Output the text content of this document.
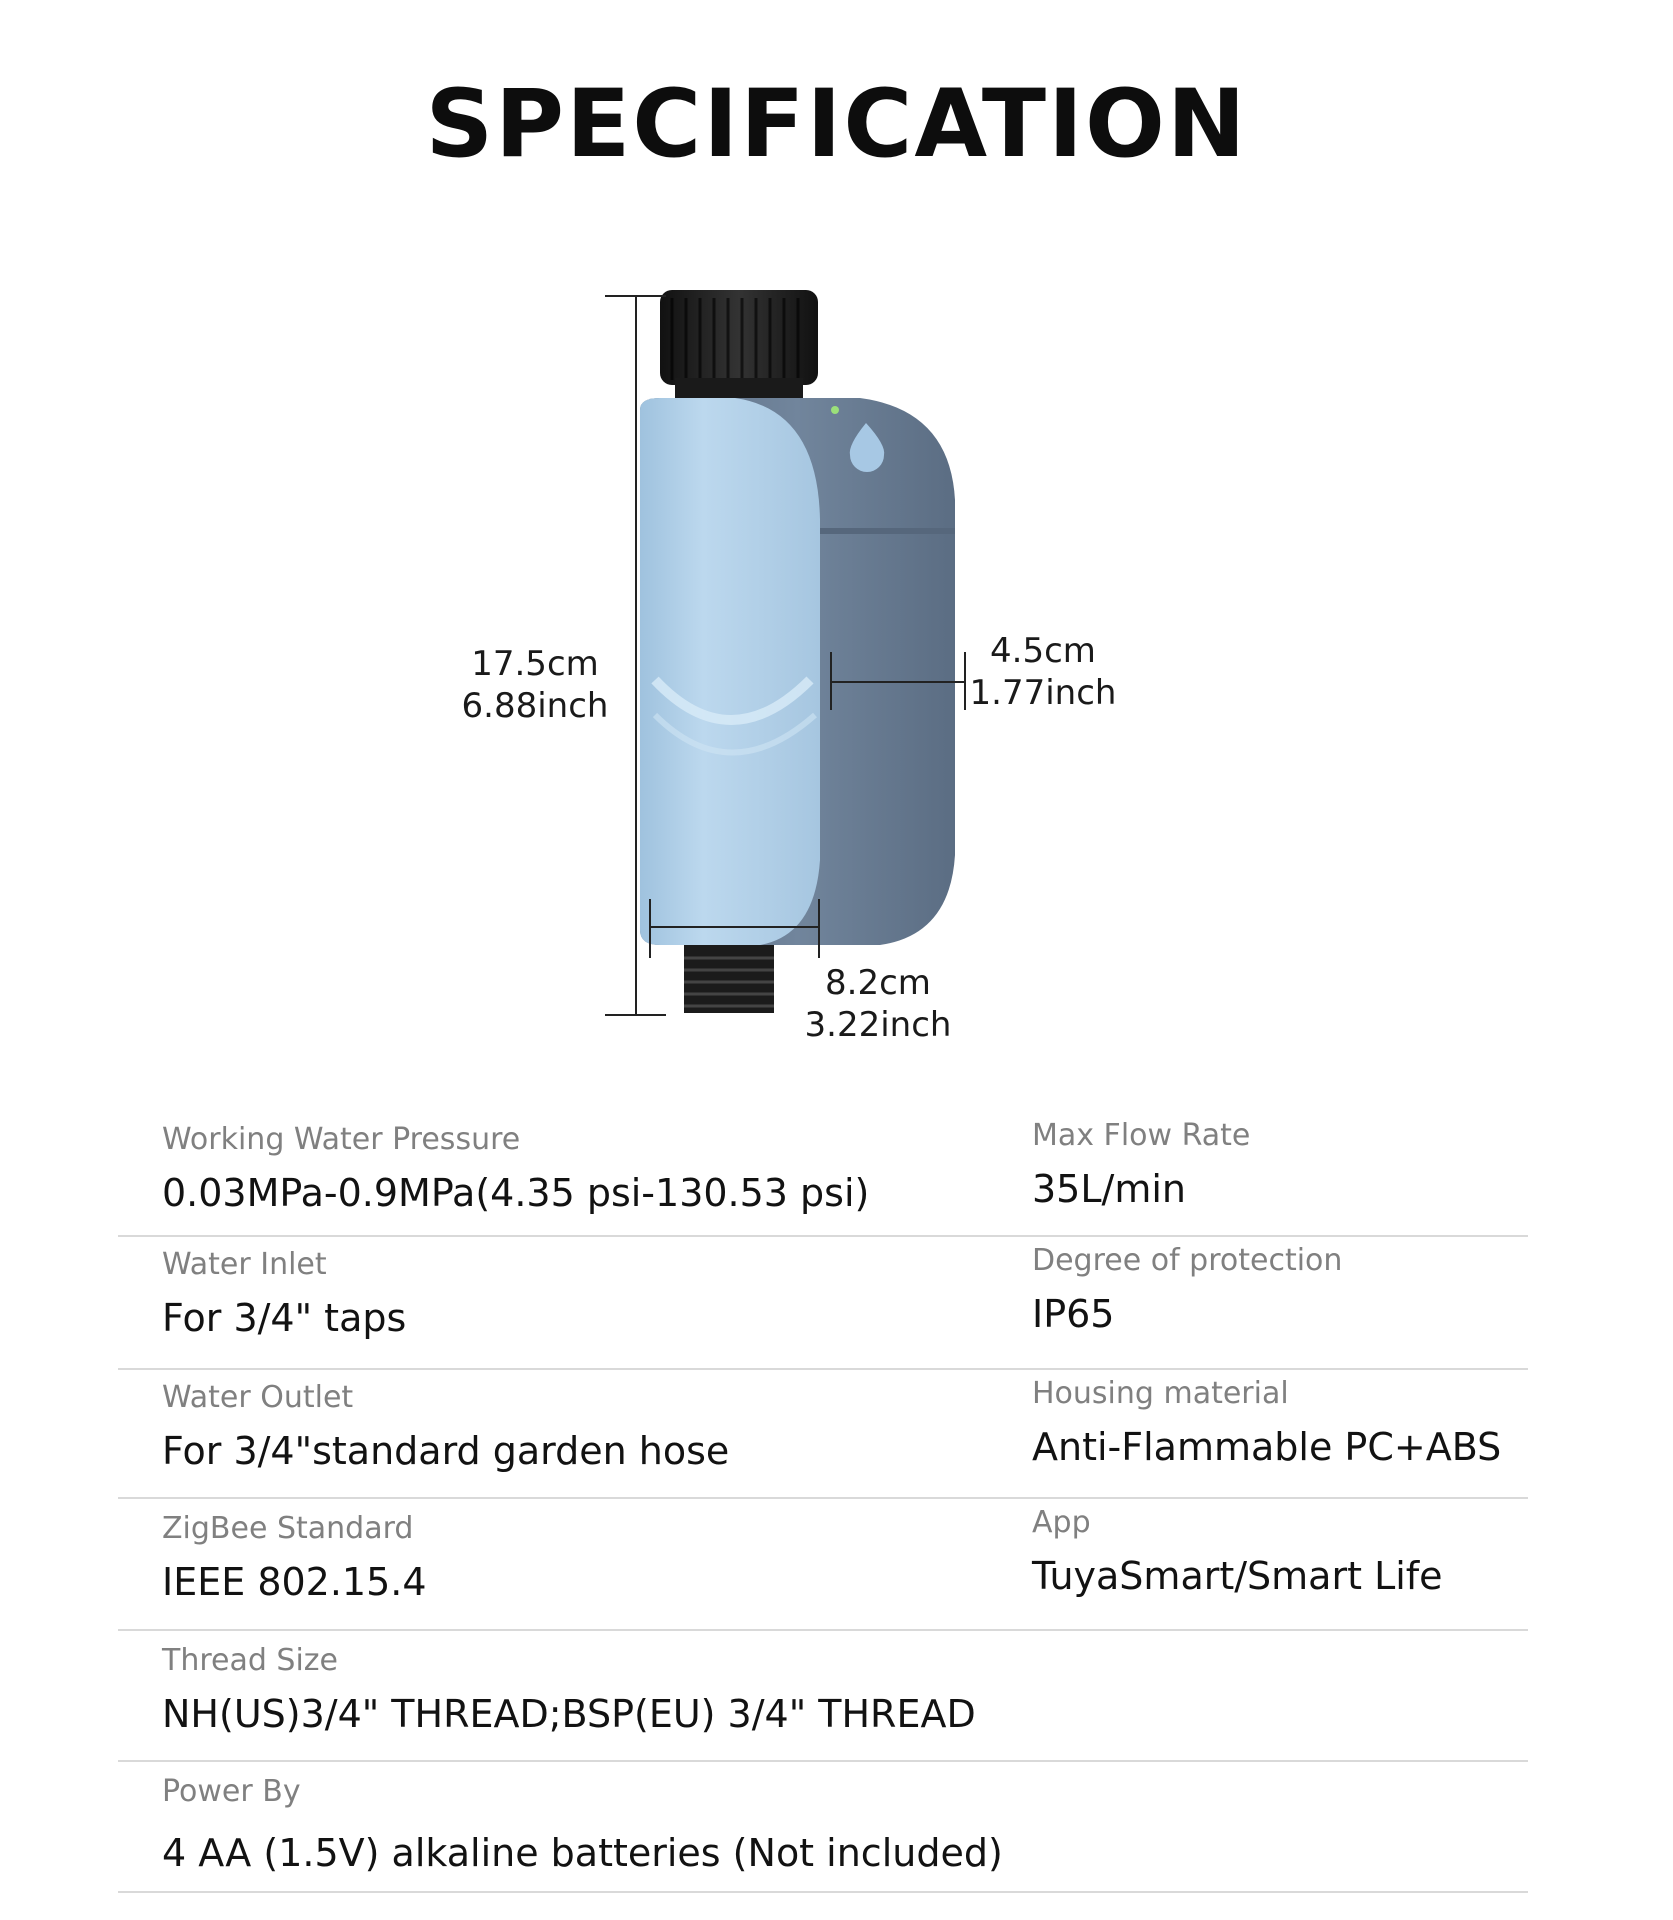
SPECIFICATION
17.5cm
6.88inch
4.5cm
1.77inch
8.2cm
3.22inch
Working Water Pressure
0.03MPa-0.9MPa(4.35 psi-130.53 psi)
Max Flow Rate
35L/min
Water Inlet
For 3/4" taps
Degree of protection
IP65
Water Outlet
For 3/4"standard garden hose
Housing material
Anti-Flammable PC+ABS
ZigBee Standard
IEEE 802.15.4
App
TuyaSmart/Smart Life
Thread Size
NH(US)3/4" THREAD;BSP(EU) 3/4" THREAD
Power By
4 AA (1.5V) alkaline batteries (Not included)
